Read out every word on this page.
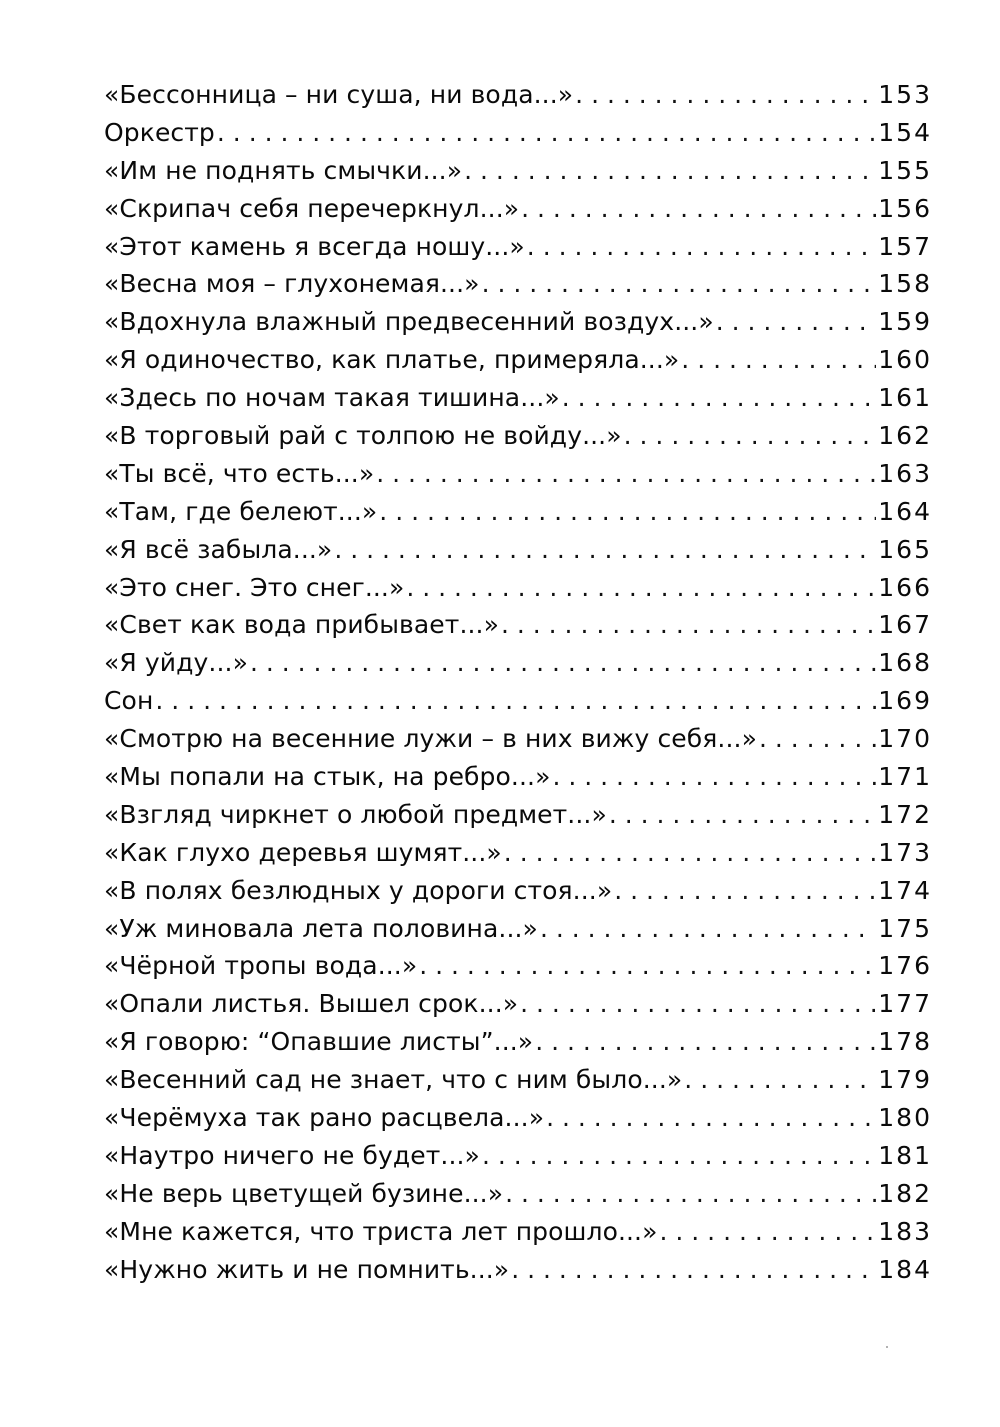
«Бессонница – ни суша, ни вода...» . . .	153
Оркестр . . .	154
«Им не поднять смычки...» . . .	155
«Скрипач себя перечеркнул...» . . .	156
«Этот камень я всегда ношу...» . . .	157
«Весна моя – глухонемая...» . . .	158
«Вдохнула влажный предвесенний воздух...» . . .	159
«Я одиночество, как платье, примеряла...» . . .	160
«Здесь по ночам такая тишина...» . . .	161
«В торговый рай с толпою не войду...» . . .	162
«Ты всё, что есть...» . . .	163
«Там, где белеют...» . . .	164
«Я всё забыла...» . . .	165
«Это снег. Это снег...» . . .	166
«Свет как вода прибывает...» . . .	167
«Я уйду...» . . .	168
Сон . . .	169
«Смотрю на весенние лужи – в них вижу себя...» . . .	170
«Мы попали на стык, на ребро...» . . .	171
«Взгляд чиркнет о любой предмет...» . . .	172
«Как глухо деревья шумят...» . . .	173
«В полях безлюдных у дороги стоя...» . . .	174
«Уж миновала лета половина...» . . .	175
«Чёрной тропы вода...» . . .	176
«Опали листья. Вышел срок...» . . .	177
«Я говорю: “Опавшие листы”...» . . .	178
«Весенний сад не знает, что с ним было...» . . .	179
«Черёмуха так рано расцвела...» . . .	180
«Наутро ничего не будет...» . . .	181
«Не верь цветущей бузине...» . . .	182
«Мне кажется, что триста лет прошло...» . . .	183
«Нужно жить и не помнить...» . . .	184
